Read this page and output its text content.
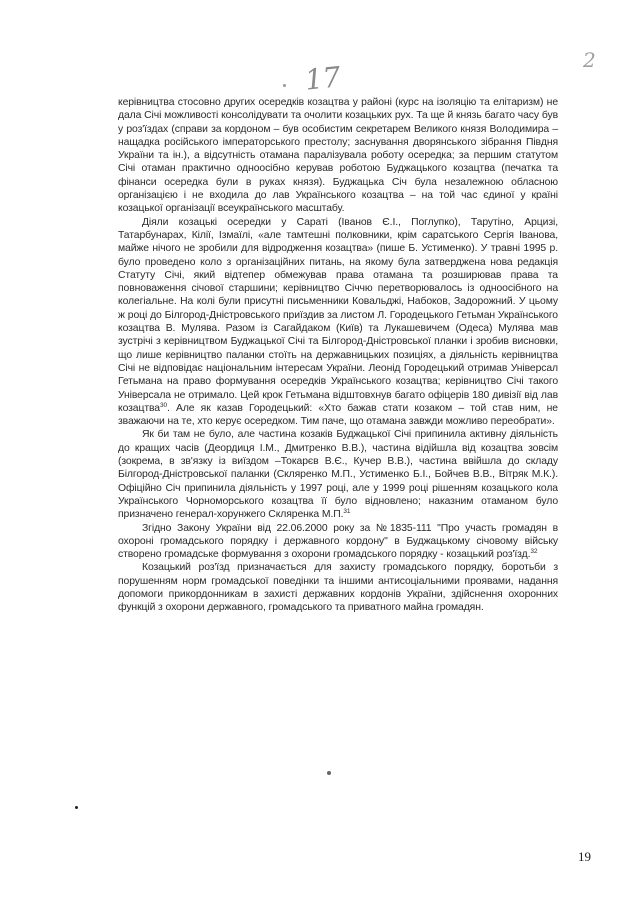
17
2

керівництва стосовно других осередків козацтва у районі (курс на ізоляцію та елітаризм) не дала Січі можливості консолідувати та очолити козацьких рух. Та ще й князь багато часу був у роз'їздах (справи за кордоном – був особистим секретарем Великого князя Володимира – нащадка російського імператорського престолу; заснування дворянського зібрання Півдня України та ін.), а відсутність отамана паралізувала роботу осередка; за першим статутом Січі отаман практично одноосібно керував роботою Буджацького козацтва (печатка та фінанси осередка були в руках князя). Буджацька Січ була незалежною обласною організацією і не входила до лав Українського козацтва – на той час єдиної у країні козацької організації всеукраїнського масштабу.

Діяли козацькі осередки у Сараті (Іванов Є.І., Поглупко), Тарутіно, Арцизі, Татарбунарах, Кілії, Ізмаїлі, «але тамтешні полковники, крім саратського Сергія Іванова, майже нічого не зробили для відродження козацтва» (пише Б. Устименко). У травні 1995 р. було проведено коло з організаційних питань, на якому була затверджена нова редакція Статуту Січі, який відтепер обмежував права отамана та розширював права та повноваження січової старшини; керівництво Січчю перетворювалось із одноосібного на колегіальне. На колі були присутні письменники Ковальджі, Набоков, Задорожний. У цьому ж році до Білгород-Дністровського приїздив за листом Л. Городецького Гетьман Українського козацтва В. Мулява. Разом із Сагайдаком (Київ) та Лукашевичем (Одеса) Мулява мав зустрічі з керівництвом Буджацької Січі та Білгород-Дністровської планки і зробив висновки, що лише керівництво паланки стоїть на державницьких позиціях, а діяльність керівництва Січі не відповідає національним інтересам України. Леонід Городецький отримав Універсал Гетьмана на право формування осередків Українського козацтва; керівництво Січі такого Універсала не отримало. Цей крок Гетьмана відштовхнув багато офіцерів 180 дивізії від лав козацтва$^{30}$. Але як казав Городецький: «Хто бажав стати козаком – той став ним, не зважаючи на те, хто керує осередком. Тим паче, що отамана завжди можливо переобрати».

Як би там не було, але частина козаків Буджацької Січі припинила активну діяльність до кращих часів (Деордиця І.М., Дмитренко В.В.), частина відійшла від козацтва зовсім (зокрема, в зв'язку із виїздом –Токарєв В.Є., Кучер В.В.), частина ввійшла до складу Білгород-Дністровської паланки (Скляренко М.П., Устименко Б.І., Бойчев В.В., Вітряк М.К.). Офіційно Січ припинила діяльність у 1997 році, але у 1999 році рішенням козацького кола Українського Чорноморського козацтва її було відновлено; наказним отаманом було призначено генерал-хорунжего Скляренка М.П.$^{31}$

Згідно Закону України від 22.06.2000 року за №1835-111 "Про участь громадян в охороні громадського порядку і державного кордону" в Буджацькому січовому війську створено громадське формування з охорони громадського порядку - козацький роз'їзд.$^{32}$

Козацький роз'їзд призначається для захисту громадського порядку, боротьби з порушенням норм громадської поведінки та іншими антисоціальними проявами, надання допомоги прикордонникам в захисті державних кордонів України, здійснення охоронних функцій з охорони державного, громадського та приватного майна громадян.

19
